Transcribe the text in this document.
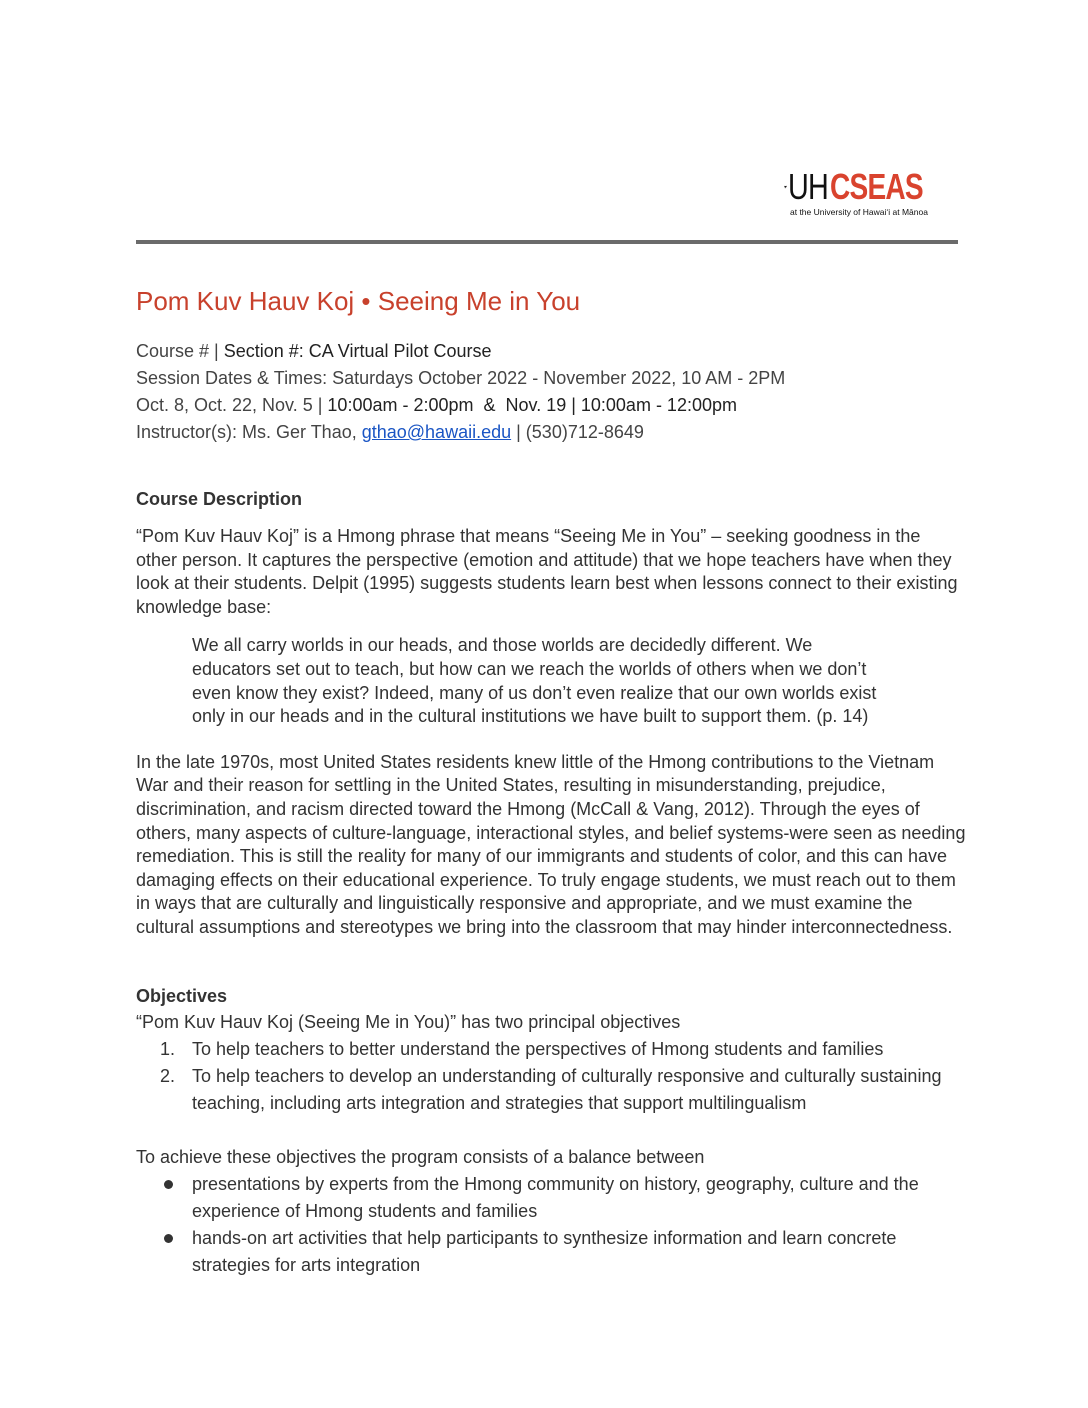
UH CSEAS
at the University of Hawai‘i at Mānoa
Pom Kuv Hauv Koj • Seeing Me in You
Course # | Section #: CA Virtual Pilot Course
Session Dates & Times: Saturdays October 2022 - November 2022, 10 AM - 2PM
Oct. 8, Oct. 22, Nov. 5 | 10:00am - 2:00pm  &  Nov. 19 | 10:00am - 12:00pm
Instructor(s): Ms. Ger Thao, gthao@hawaii.edu | (530)712-8649
Course Description

“Pom Kuv Hauv Koj” is a Hmong phrase that means “Seeing Me in You” – seeking goodness in the other person. It captures the perspective (emotion and attitude) that we hope teachers have when they look at their students. Delpit (1995) suggests students learn best when lessons connect to their existing knowledge base:

We all carry worlds in our heads, and those worlds are decidedly different. We educators set out to teach, but how can we reach the worlds of others when we don’t even know they exist? Indeed, many of us don’t even realize that our own worlds exist only in our heads and in the cultural institutions we have built to support them. (p. 14)

In the late 1970s, most United States residents knew little of the Hmong contributions to the Vietnam War and their reason for settling in the United States, resulting in misunderstanding, prejudice, discrimination, and racism directed toward the Hmong (McCall & Vang, 2012). Through the eyes of others, many aspects of culture-language, interactional styles, and belief systems-were seen as needing remediation. This is still the reality for many of our immigrants and students of color, and this can have damaging effects on their educational experience. To truly engage students, we must reach out to them in ways that are culturally and linguistically responsive and appropriate, and we must examine the cultural assumptions and stereotypes we bring into the classroom that may hinder interconnectedness.

Objectives

“Pom Kuv Hauv Koj (Seeing Me in You)” has two principal objectives

1. To help teachers to better understand the perspectives of Hmong students and families
2. To help teachers to develop an understanding of culturally responsive and culturally sustaining teaching, including arts integration and strategies that support multilingualism

To achieve these objectives the program consists of a balance between

presentations by experts from the Hmong community on history, geography, culture and the experience of Hmong students and families
hands-on art activities that help participants to synthesize information and learn concrete strategies for arts integration
